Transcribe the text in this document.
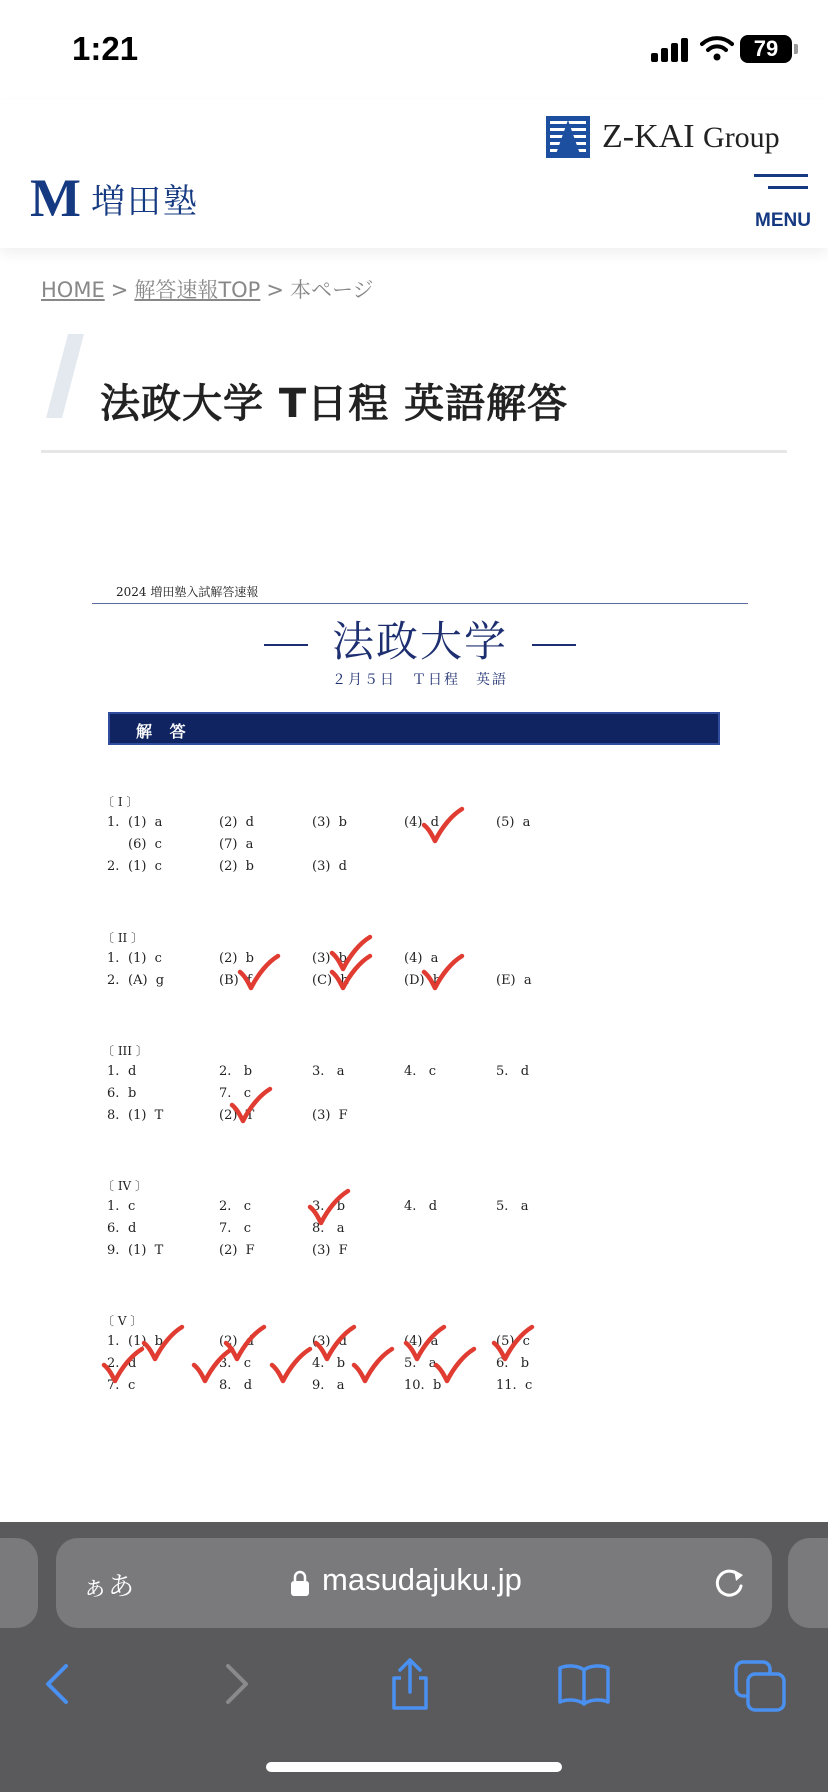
1:21	79
Z-KAI Group
M 増田塾	MENU
HOME > 解答速報TOP > 本ページ
法政大学 T日程 英語解答
2024 増田塾入試解答速報
法政大学
２月５日　Ｔ日程　英語
解 答
〔 I 〕
1. (1)  a	(2)  d	(3)  b	(4)  d	(5)  a
(6)  c	(7)  a
2. (1)  c	(2)  b	(3)  d
〔 II 〕
1. (1)  c	(2)  b	(3)  b	(4)  a
2. (A)  g	(B)  f	(C)  h	(D)  b	(E)  a
〔 III 〕
1. d	2.   b	3.   a	4.   c	5.   d
6. b	7.   c
8. (1)  T	(2)  T	(3)  F
〔 IV 〕
1. c	2.   c	3.   b	4.   d	5.   a
6. d	7.   c	8.   a
9. (1)  T	(2)  F	(3)  F
〔 V 〕
1. (1)  b	(2)  d	(3)  d	(4)  a	(5)  c
2. d	3.   c	4.   b	5.   a	6.   b
7. c	8.   d	9.   a	10.  b	11.  c
ぁあ	masudajuku.jp
